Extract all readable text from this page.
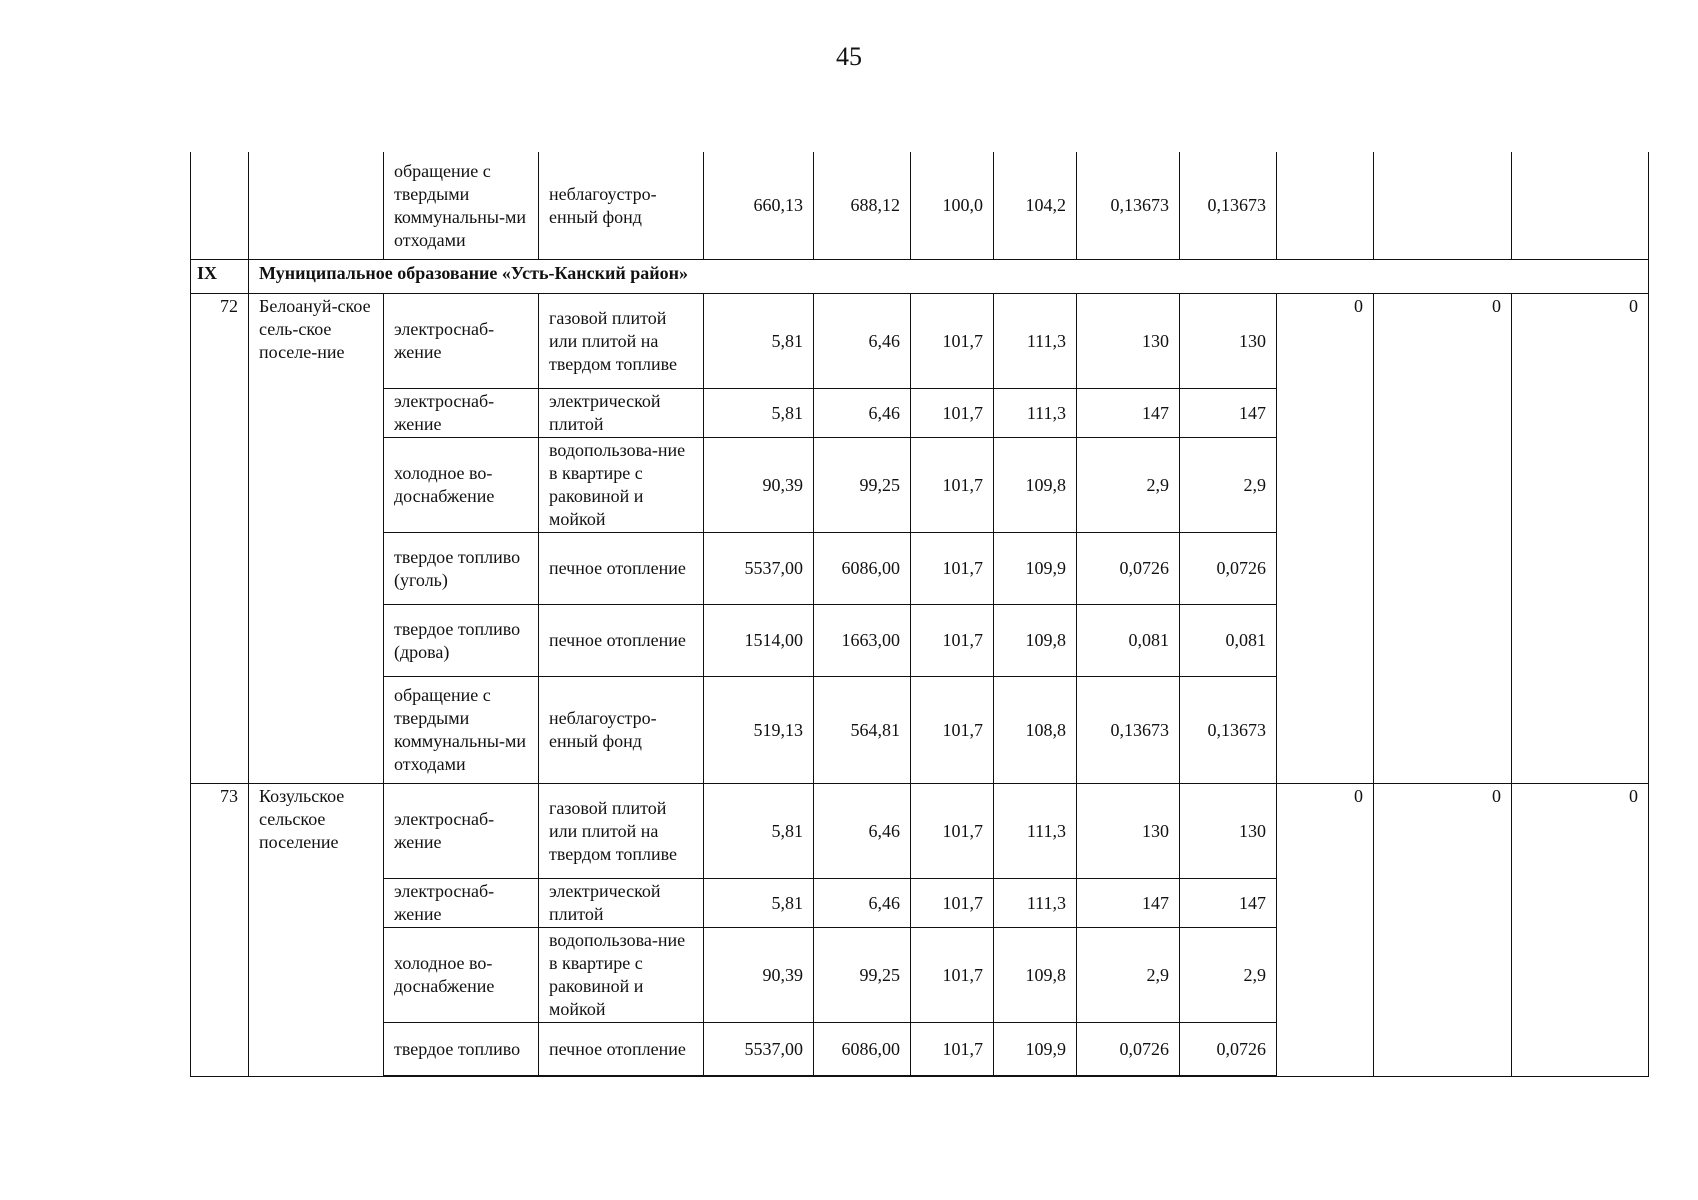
45
		обращение с твердыми коммунальны-ми отходами	неблагоустро-енный фонд	660,13	688,12	100,0	104,2	0,13673	0,13673			
IX	Муниципальное образование «Усть-Канский район»											
72	Белоануй-ское сель-ское поселе-ние	электроснаб-жение	газовой плитой или плитой на твердом топливе	5,81	6,46	101,7	111,3	130	130	0	0	0
		электроснаб-жение	электрической плитой	5,81	6,46	101,7	111,3	147	147			
		холодное во-доснабжение	водопользова-ние в квартире с раковиной и мойкой	90,39	99,25	101,7	109,8	2,9	2,9			
		твердое топливо (уголь)	печное отопление	5537,00	6086,00	101,7	109,9	0,0726	0,0726			
		твердое топливо (дрова)	печное отопление	1514,00	1663,00	101,7	109,8	0,081	0,081			
		обращение с твердыми коммунальны-ми отходами	неблагоустро-енный фонд	519,13	564,81	101,7	108,8	0,13673	0,13673			
73	Козульское сельское поселение	электроснаб-жение	газовой плитой или плитой на твердом топливе	5,81	6,46	101,7	111,3	130	130	0	0	0
		электроснаб-жение	электрической плитой	5,81	6,46	101,7	111,3	147	147			
		холодное во-доснабжение	водопользова-ние в квартире с раковиной и мойкой	90,39	99,25	101,7	109,8	2,9	2,9			
		твердое топливо	печное отопление	5537,00	6086,00	101,7	109,9	0,0726	0,0726			
